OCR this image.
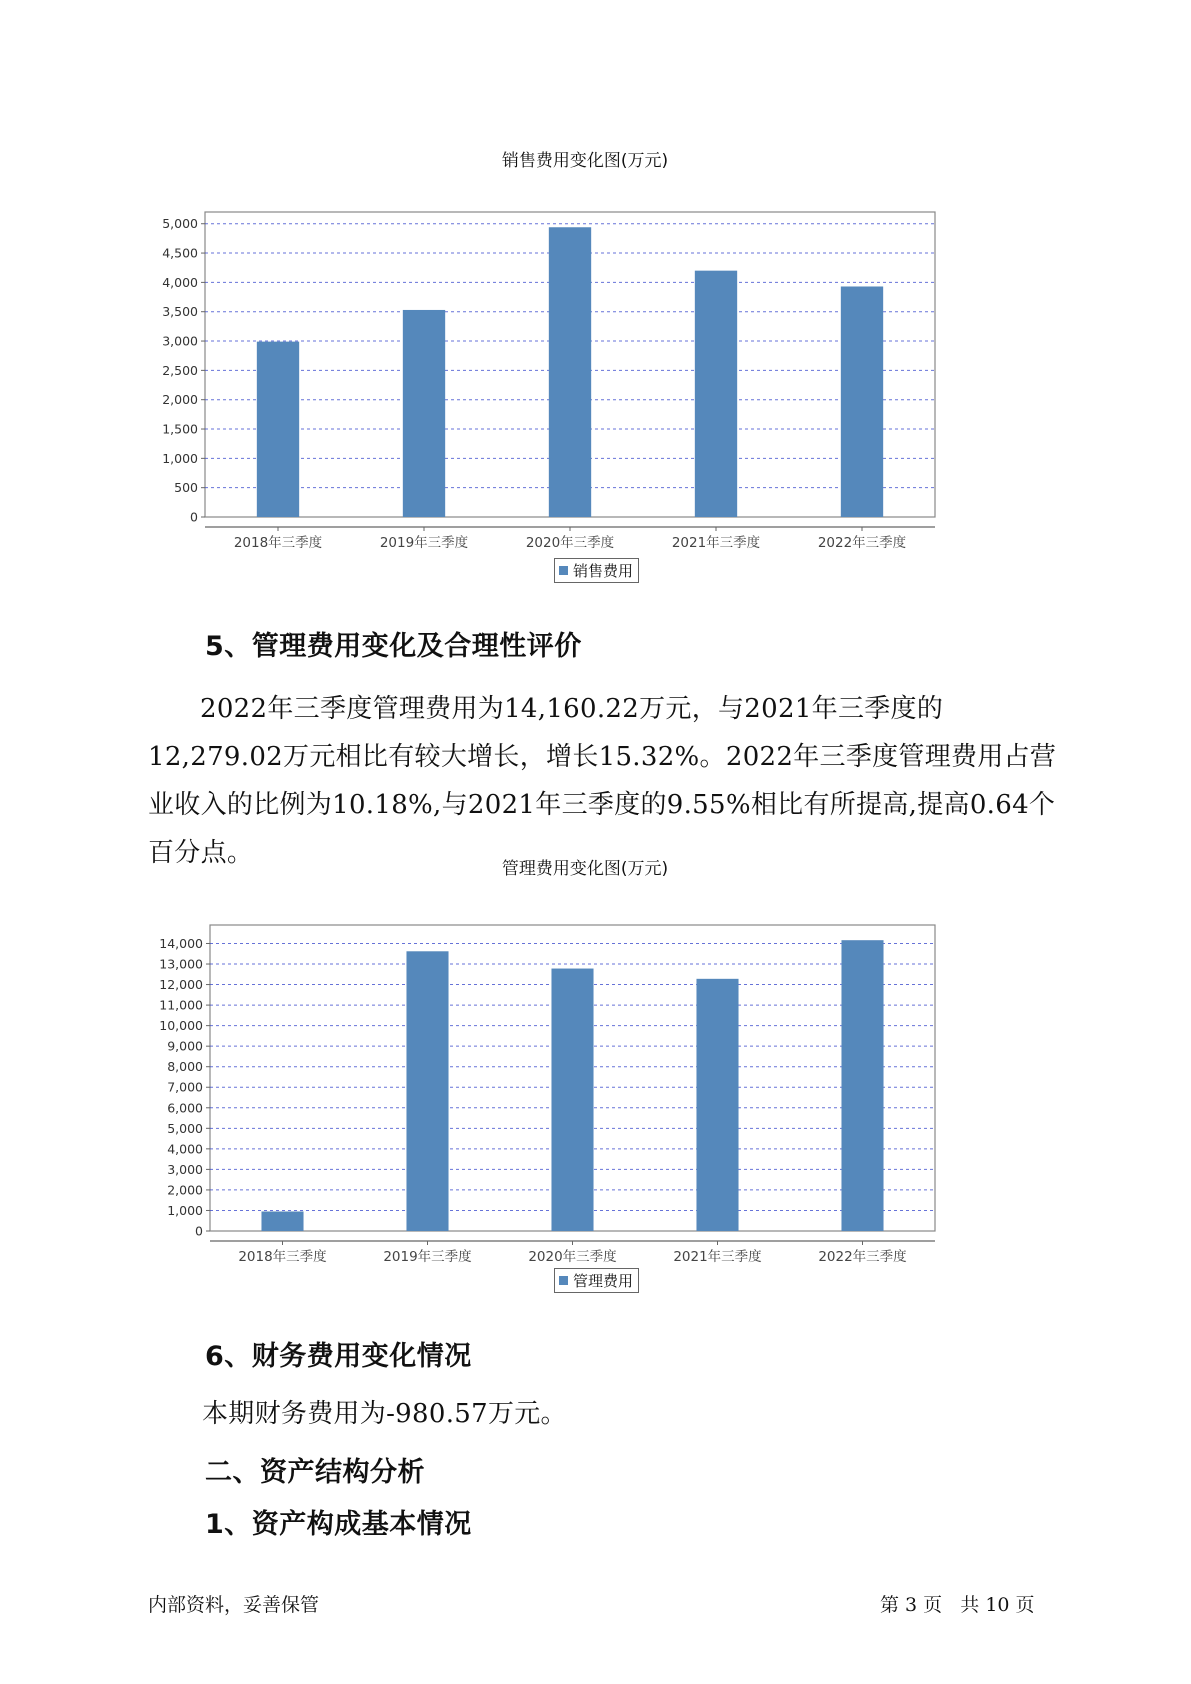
销售费用变化图(万元)
0
500
1,000
1,500
2,000
2,500
3,000
3,500
4,000
4,500
5,000
2018年三季度	2019年三季度	2020年三季度	2021年三季度	2022年三季度
销售费用
5、管理费用变化及合理性评价

2022年三季度管理费用为14,160.22万元，与2021年三季度的12,279.02万元相比有较大增长，增长15.32%。2022年三季度管理费用占营业收入的比例为10.18%,与2021年三季度的9.55%相比有所提高,提高0.64个百分点。

管理费用变化图(万元)
0
1,000
2,000
3,000
4,000
5,000
6,000
7,000
8,000
9,000
10,000
11,000
12,000
13,000
14,000
2018年三季度	2019年三季度	2020年三季度	2021年三季度	2022年三季度
管理费用
6、财务费用变化情况

本期财务费用为-980.57万元。

二、资产结构分析
1、资产构成基本情况
内部资料，妥善保管	第 3 页   共 10 页
